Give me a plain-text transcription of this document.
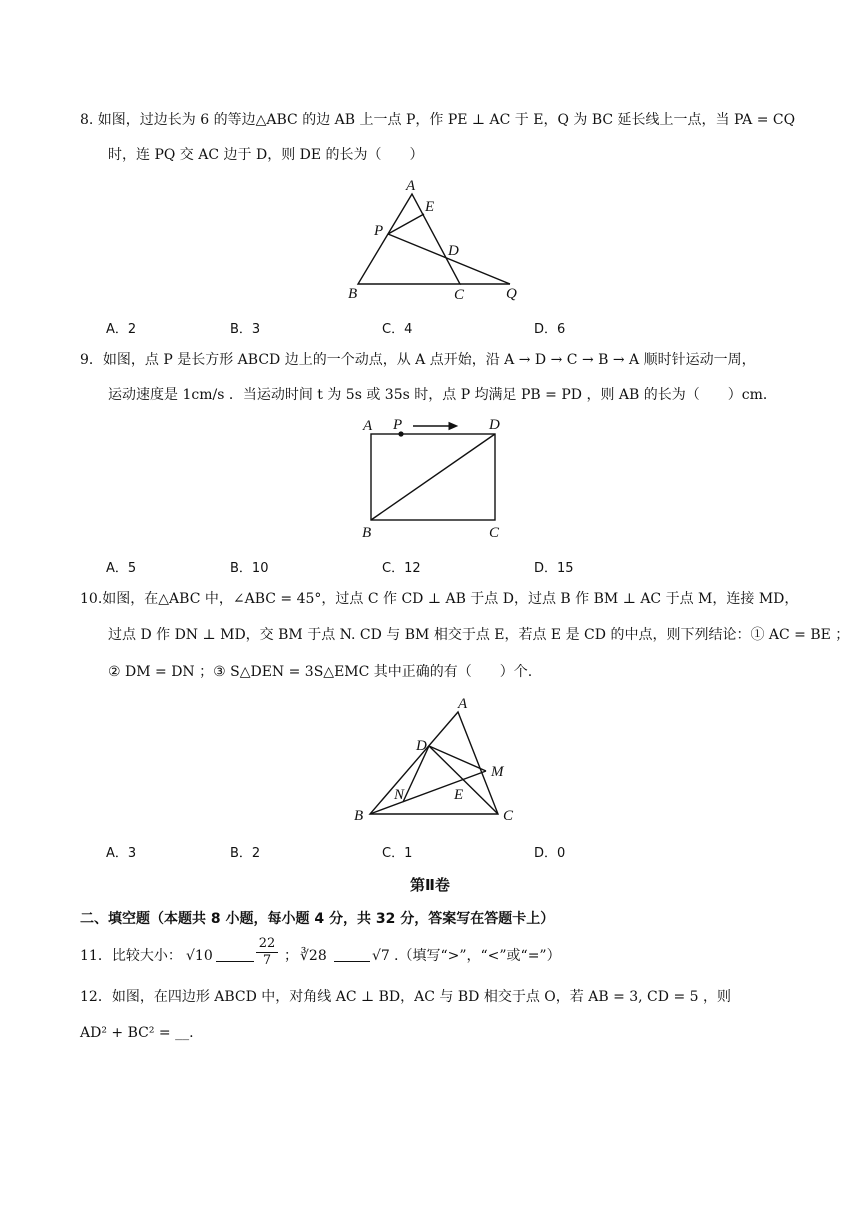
8. 如图，过边长为 6 的等边△ABC 的边 AB 上一点 P，作 PE ⊥ AC 于 E，Q 为 BC 延长线上一点，当 PA = CQ
时，连 PQ 交 AC 边于 D，则 DE 的长为（　　）
A
E
P
D
B	C	Q
A．2	B．3	C．4	D．6
9．如图，点 P 是长方形 ABCD 边上的一个动点，从 A 点开始，沿 A → D → C → B → A 顺时针运动一周，
运动速度是 1cm/s ．当运动时间 t 为 5s 或 35s 时，点 P 均满足 PB = PD ，则 AB 的长为（　　）cm．
A P	D
B	C
A．5	B．10	C．12	D．15
10.如图，在△ABC 中，∠ABC = 45°，过点 C 作 CD ⊥ AB 于点 D，过点 B 作 BM ⊥ AC 于点 M，连接 MD，
过点 D 作 DN ⊥ MD，交 BM 于点 N. CD 与 BM 相交于点 E，若点 E 是 CD 的中点，则下列结论：① AC = BE ；
② DM = DN ；③ S△DEN = 3S△EMC 其中正确的有（　　）个.
A
D
M
N	E
B	C
A．3	B．2	C．1	D．0
第Ⅱ卷
二、填空题（本题共 8 小题，每小题 4 分，共 32 分，答案写在答题卡上）
11．比较大小： √10	$\frac{22}{7}$ ； ∛28	√7 .（填写“>”，“<”或“=”）
12．如图，在四边形 ABCD 中，对角线 AC ⊥ BD，AC 与 BD 相交于点 O，若 AB = 3, CD = 5 ，则
AD² + BC² = __.
